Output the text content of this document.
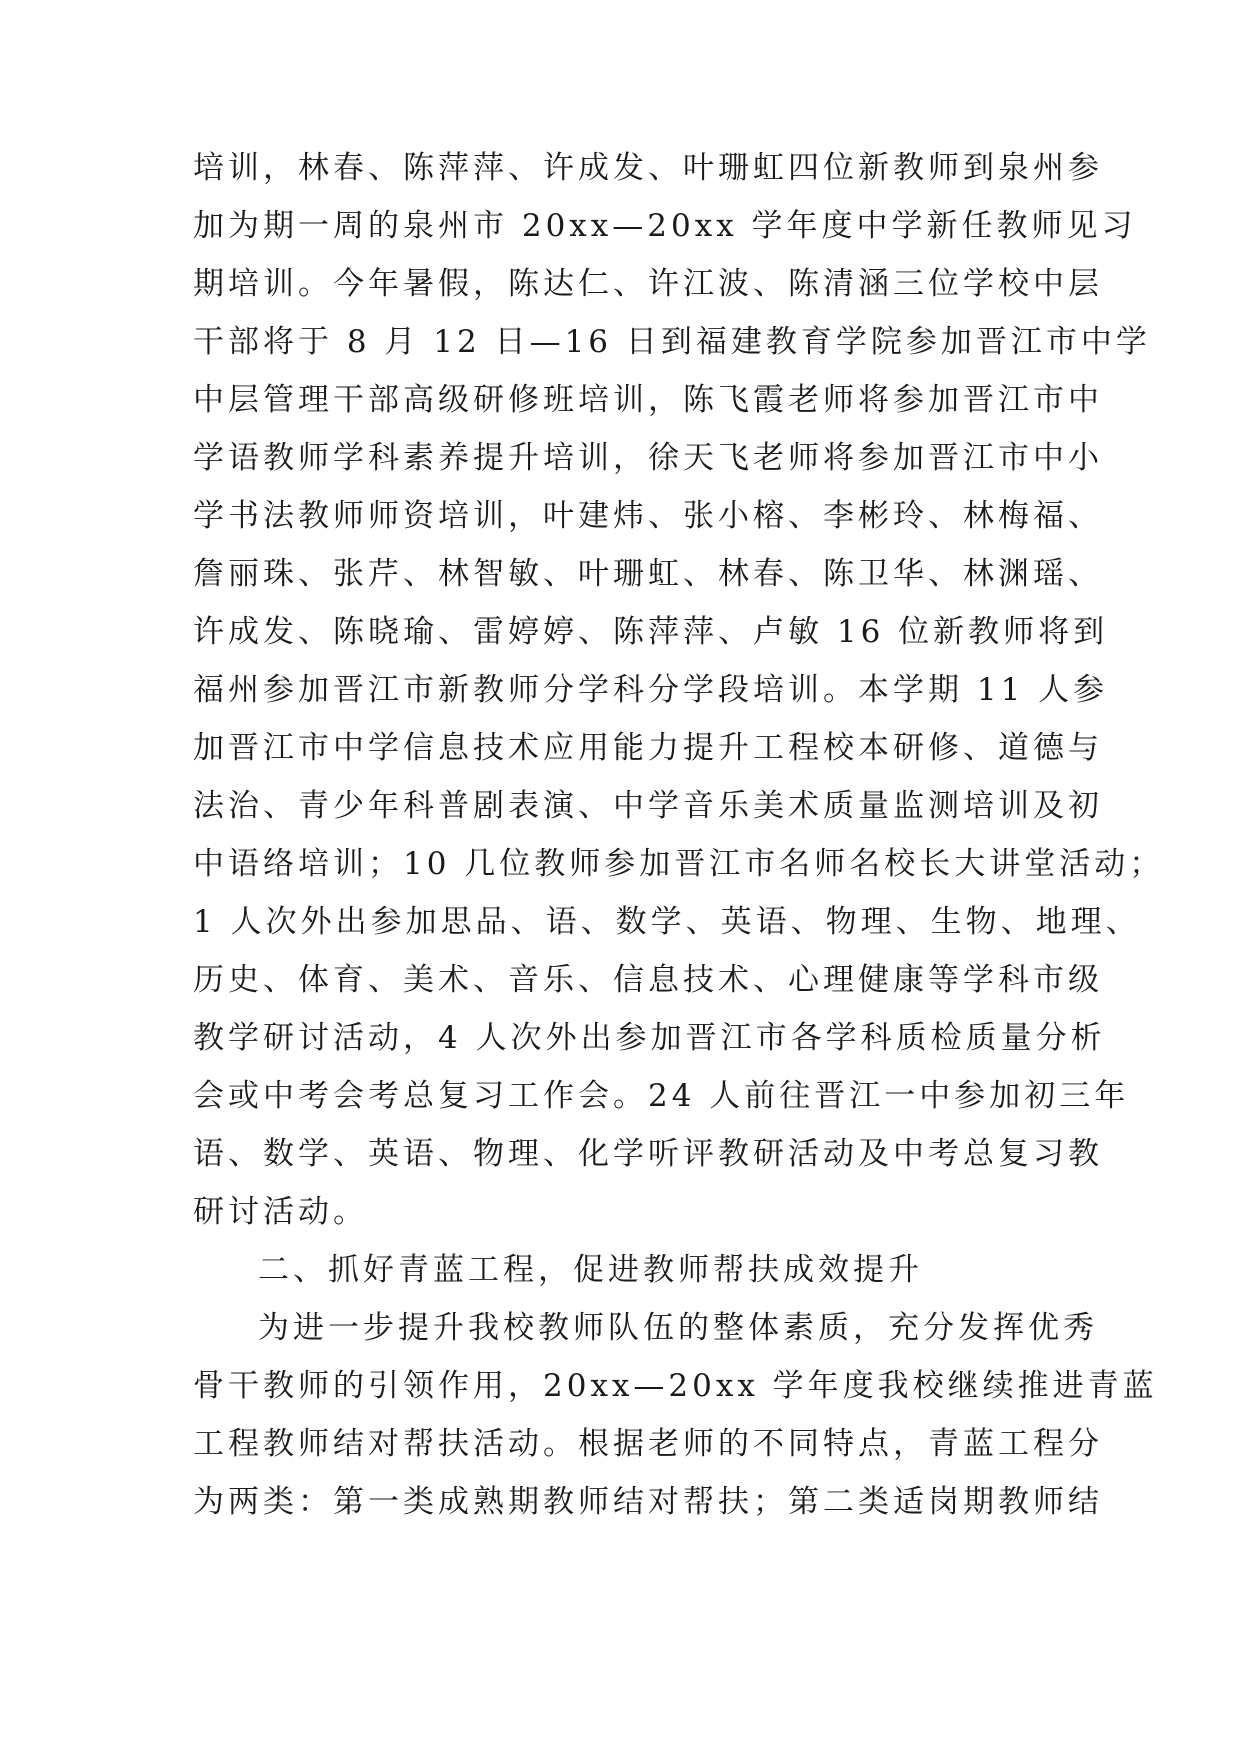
培训，林春、陈萍萍、许成发、叶珊虹四位新教师到泉州参
加为期一周的泉州市 20xx—20xx 学年度中学新任教师见习
期培训。今年暑假，陈达仁、许江波、陈清涵三位学校中层
干部将于 8 月 12 日—16 日到福建教育学院参加晋江市中学
中层管理干部高级研修班培训，陈飞霞老师将参加晋江市中
学语教师学科素养提升培训，徐天飞老师将参加晋江市中小
学书法教师师资培训，叶建炜、张小榕、李彬玲、林梅福、
詹丽珠、张芹、林智敏、叶珊虹、林春、陈卫华、林渊瑶、
许成发、陈晓瑜、雷婷婷、陈萍萍、卢敏 16 位新教师将到
福州参加晋江市新教师分学科分学段培训。本学期 11 人参
加晋江市中学信息技术应用能力提升工程校本研修、道德与
法治、青少年科普剧表演、中学音乐美术质量监测培训及初
中语络培训；10 几位教师参加晋江市名师名校长大讲堂活动；
1 人次外出参加思品、语、数学、英语、物理、生物、地理、
历史、体育、美术、音乐、信息技术、心理健康等学科市级
教学研讨活动，4 人次外出参加晋江市各学科质检质量分析
会或中考会考总复习工作会。24 人前往晋江一中参加初三年
语、数学、英语、物理、化学听评教研活动及中考总复习教
研讨活动。
二、抓好青蓝工程，促进教师帮扶成效提升
为进一步提升我校教师队伍的整体素质，充分发挥优秀
骨干教师的引领作用，20xx—20xx 学年度我校继续推进青蓝
工程教师结对帮扶活动。根据老师的不同特点，青蓝工程分
为两类：第一类成熟期教师结对帮扶；第二类适岗期教师结
